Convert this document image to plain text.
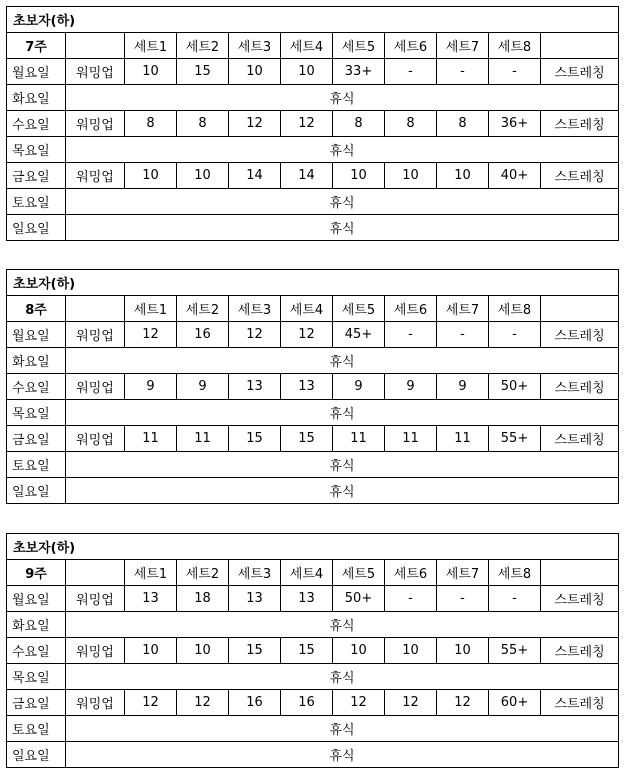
초보자(하)										
7주		세트1	세트2	세트3	세트4	세트5	세트6	세트7	세트8	
월요일	워밍업	10	15	10	10	33+	-	-	-	스트레칭
화요일	휴식									
수요일	워밍업	8	8	12	12	8	8	8	36+	스트레칭
목요일	휴식									
금요일	워밍업	10	10	14	14	10	10	10	40+	스트레칭
토요일	휴식									
일요일	휴식									
초보자(하)										
8주		세트1	세트2	세트3	세트4	세트5	세트6	세트7	세트8	
월요일	워밍업	12	16	12	12	45+	-	-	-	스트레칭
화요일	휴식									
수요일	워밍업	9	9	13	13	9	9	9	50+	스트레칭
목요일	휴식									
금요일	워밍업	11	11	15	15	11	11	11	55+	스트레칭
토요일	휴식									
일요일	휴식									
초보자(하)										
9주		세트1	세트2	세트3	세트4	세트5	세트6	세트7	세트8	
월요일	워밍업	13	18	13	13	50+	-	-	-	스트레칭
화요일	휴식									
수요일	워밍업	10	10	15	15	10	10	10	55+	스트레칭
목요일	휴식									
금요일	워밍업	12	12	16	16	12	12	12	60+	스트레칭
토요일	휴식									
일요일	휴식									
